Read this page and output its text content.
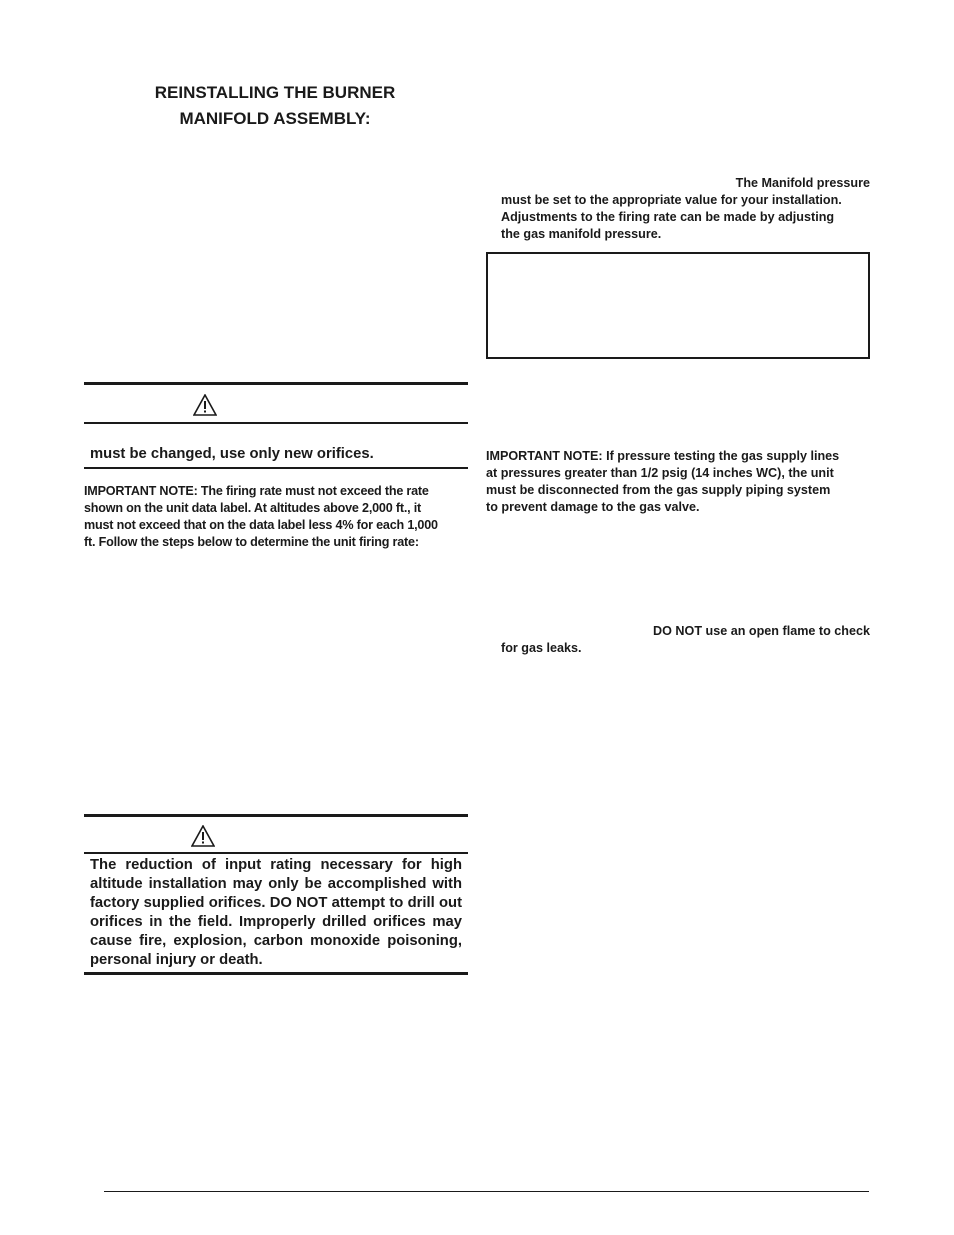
REINSTALLING THE BURNER
MANIFOLD ASSEMBLY:
The Manifold pressure
must be set to the appropriate value for your installation.
Adjustments to the firing rate can be made by adjusting
the gas manifold pressure.
IMPORTANT NOTE: If pressure testing the gas supply lines
at pressures greater than 1/2 psig (14 inches WC), the unit
must be disconnected from the gas supply piping system
to prevent damage to the gas valve.
DO NOT use an open flame to check
for gas leaks.
must be changed, use only new orifices.
IMPORTANT NOTE: The firing rate must not exceed the rate
shown on the unit data label. At altitudes above 2,000 ft., it
must not exceed that on the data label less 4% for each 1,000
ft. Follow the steps below to determine the unit firing rate:
The reduction of input rating necessary for high altitude installation may only be accomplished with factory supplied orifices. DO NOT attempt to drill out orifices in the field. Improperly drilled orifices may cause fire, explosion, carbon monoxide poisoning, personal injury or death.
